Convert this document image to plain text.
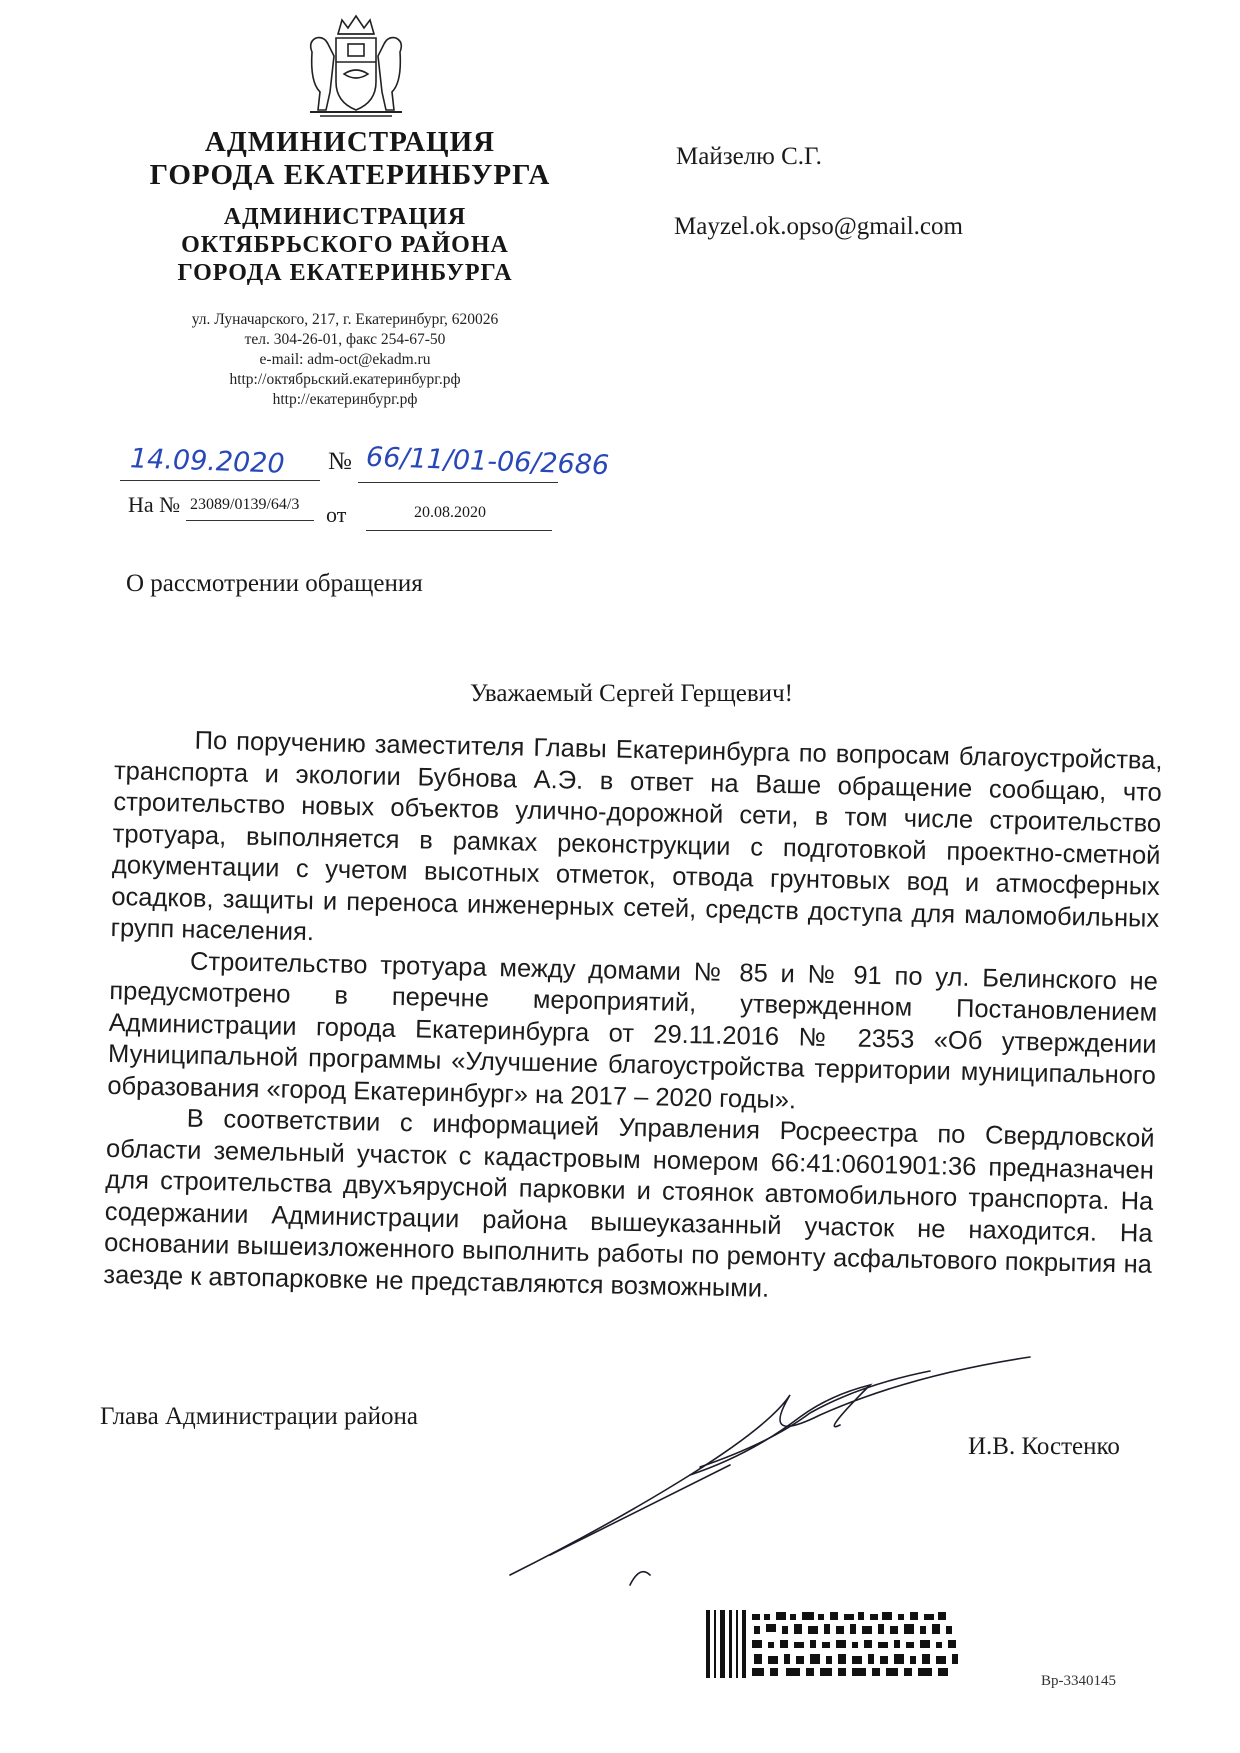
АДМИНИСТРАЦИЯ
ГОРОДА ЕКАТЕРИНБУРГА
АДМИНИСТРАЦИЯ
ОКТЯБРЬСКОГО РАЙОНА
ГОРОДА ЕКАТЕРИНБУРГА
ул. Луначарского, 217, г. Екатеринбург, 620026
тел. 304-26-01, факс 254-67-50
e-mail: adm-oct@ekadm.ru
http://октябрьский.екатеринбург.рф
http://екатеринбург.рф
Майзелю С.Г.
Mayzel.ok.opso@gmail.com
14.09.2020 № 66/11/01-06/2686
На № 23089/0139/64/3 от	20.08.2020
О рассмотрении обращения
Уважаемый Сергей Герщевич!

По поручению заместителя Главы Екатеринбурга по вопросам благоустройства, транспорта и экологии Бубнова А.Э. в ответ на Ваше обращение сообщаю, что строительство новых объектов улично-дорожной сети, в том числе строительство тротуара, выполняется в рамках реконструкции с подготовкой проектно-сметной документации с учетом высотных отметок, отвода грунтовых вод и атмосферных осадков, защиты и переноса инженерных сетей, средств доступа для маломобильных групп населения.

Строительство тротуара между домами № 85 и № 91 по ул. Белинского не предусмотрено в перечне мероприятий, утвержденном Постановлением Администрации города Екатеринбурга от 29.11.2016 № 2353 «Об утверждении Муниципальной программы «Улучшение благоустройства территории муниципального образования «город Екатеринбург» на 2017 – 2020 годы».

В соответствии с информацией Управления Росреестра по Свердловской области земельный участок с кадастровым номером 66:41:0601901:36 предназначен для строительства двухъярусной парковки и стоянок автомобильного транспорта. На содержании Администрации района вышеуказанный участок не находится. На основании вышеизложенного выполнить работы по ремонту асфальтового покрытия на заезде к автопарковке не представляются возможными.

Глава Администрации района
И.В. Костенко
Вр-3340145
